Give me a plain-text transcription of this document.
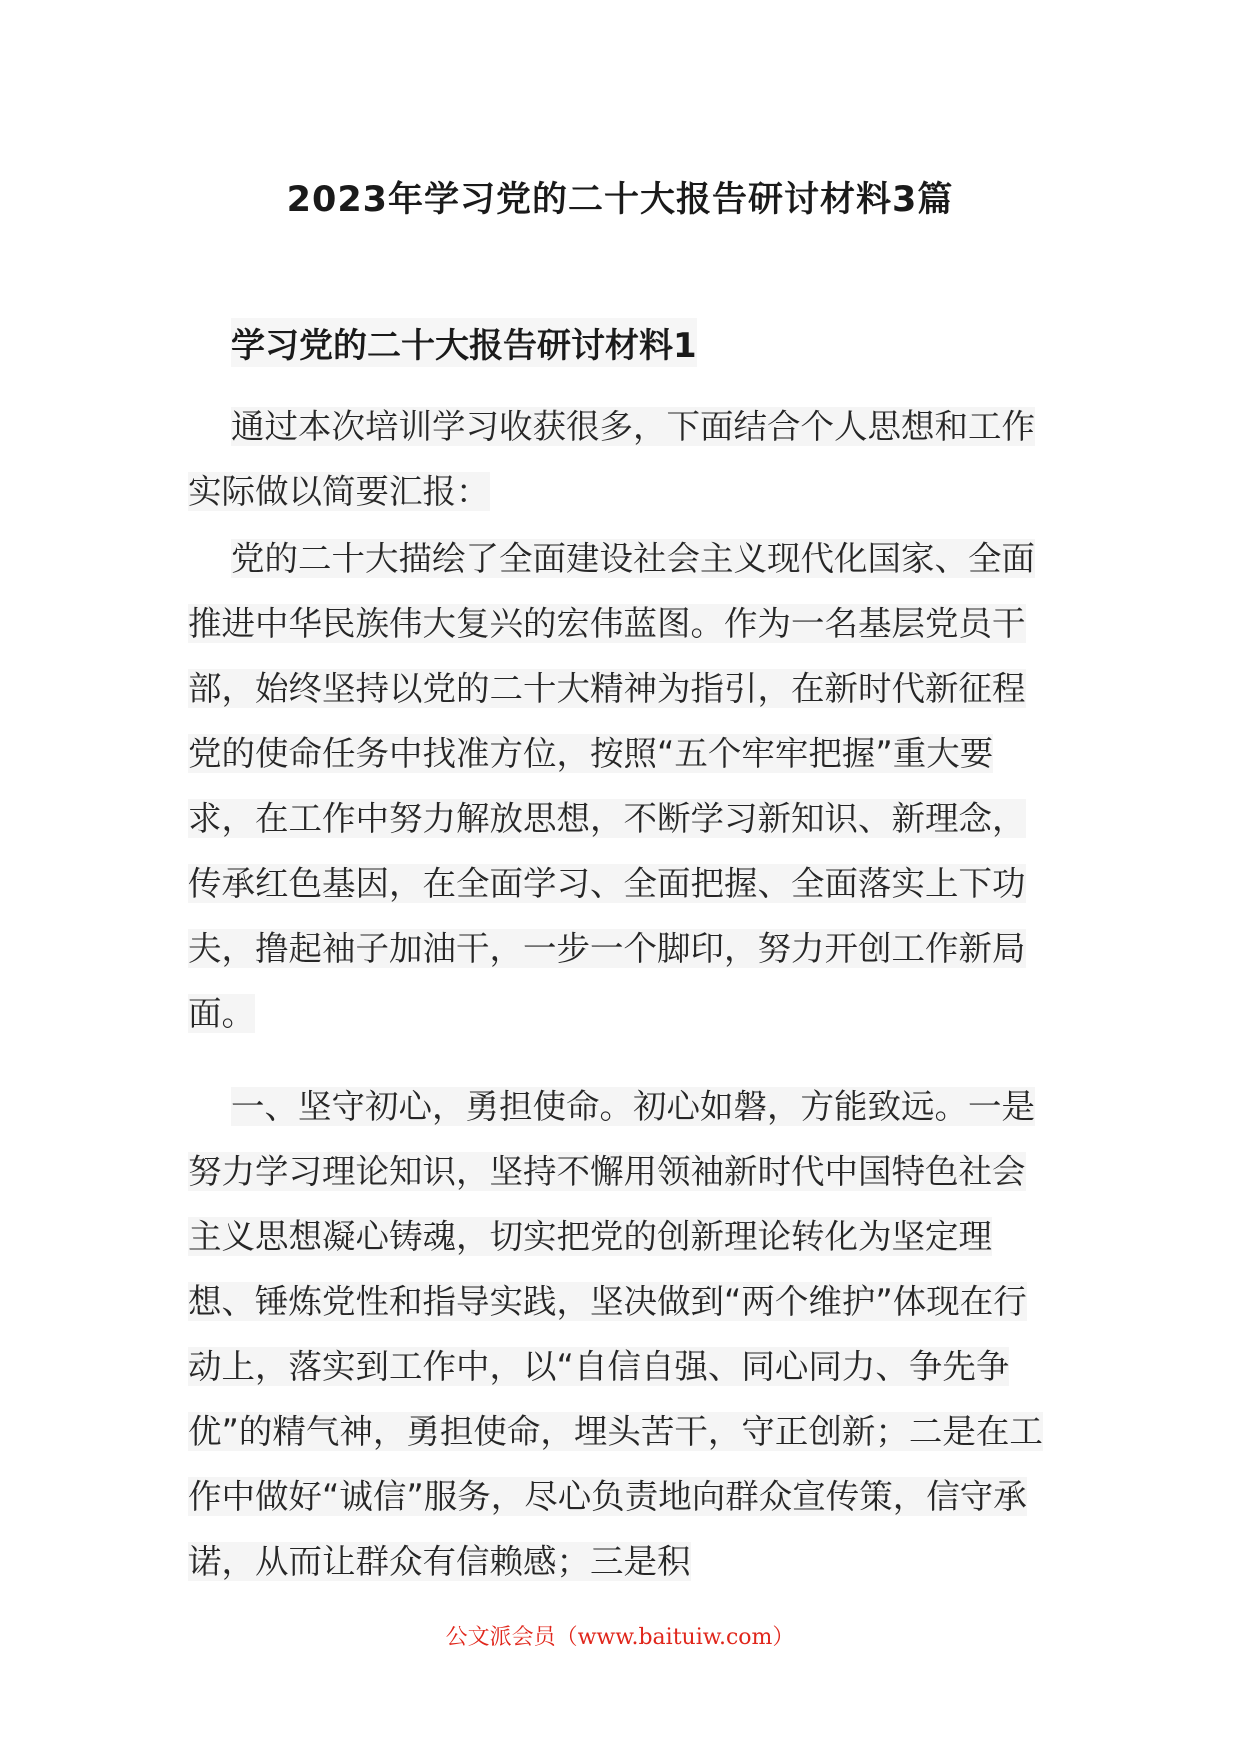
2023年学习党的二十大报告研讨材料3篇
学习党的二十大报告研讨材料1

通过本次培训学习收获很多，下面结合个人思想和工作实际做以简要汇报：

党的二十大描绘了全面建设社会主义现代化国家、全面推进中华民族伟大复兴的宏伟蓝图。作为一名基层党员干部，始终坚持以党的二十大精神为指引，在新时代新征程党的使命任务中找准方位，按照“五个牢牢把握”重大要求，在工作中努力解放思想，不断学习新知识、新理念，传承红色基因，在全面学习、全面把握、全面落实上下功夫，撸起袖子加油干，一步一个脚印，努力开创工作新局面。

一、坚守初心，勇担使命。初心如磐，方能致远。一是努力学习理论知识，坚持不懈用领袖新时代中国特色社会主义思想凝心铸魂，切实把党的创新理论转化为坚定理想、锤炼党性和指导实践，坚决做到“两个维护”体现在行动上，落实到工作中，以“自信自强、同心同力、争先争优”的精气神，勇担使命，埋头苦干，守正创新；二是在工作中做好“诚信”服务，尽心负责地向群众宣传策，信守承诺，从而让群众有信赖感；三是积

公文派会员（www.baituiw.com）
